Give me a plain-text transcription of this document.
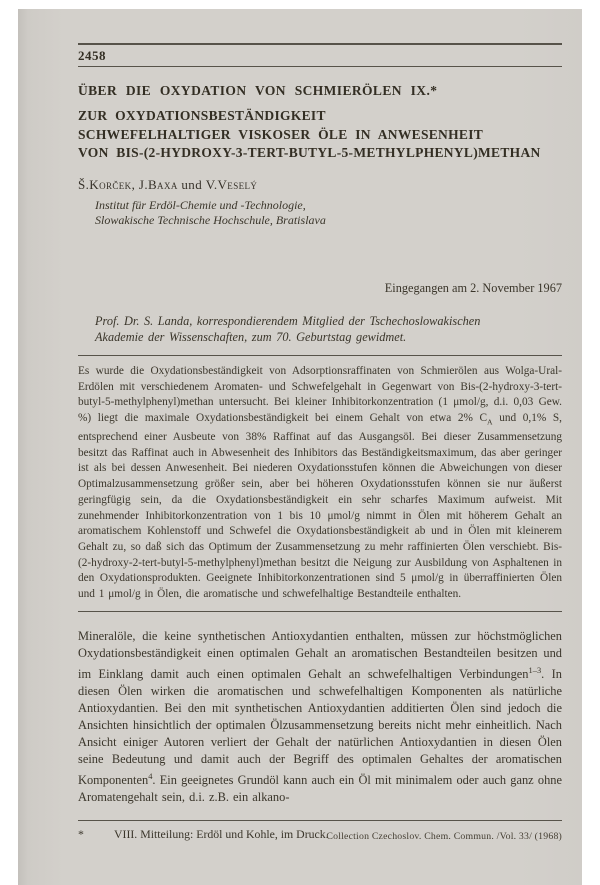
2458
ÜBER DIE OXYDATION VON SCHMIERÖLEN IX.*
ZUR OXYDATIONSBESTÄNDIGKEIT
SCHWEFELHALTIGER VISKOSER ÖLE IN ANWESENHEIT
VON BIS-(2-HYDROXY-3-TERT-BUTYL-5-METHYLPHENYL)METHAN
Š.Korček, J.Baxa und V.Veselý
Institut für Erdöl-Chemie und -Technologie,
Slowakische Technische Hochschule, Bratislava
Eingegangen am 2. November 1967
Prof. Dr. S. Landa, korrespondierendem Mitglied der Tschechoslowakischen
Akademie der Wissenschaften, zum 70. Geburtstag gewidmet.

Es wurde die Oxydationsbeständigkeit von Adsorptionsraffinaten von Schmierölen aus Wolga-Ural-Erdölen mit verschiedenem Aromaten- und Schwefelgehalt in Gegenwart von Bis-(2-hydroxy-3-tert-butyl-5-methylphenyl)methan untersucht. Bei kleiner Inhibitorkonzentration (1 μmol/g, d.i. 0,03 Gew. %) liegt die maximale Oxydationsbeständigkeit bei einem Gehalt von etwa 2% $C_A$ und 0,1% S, entsprechend einer Ausbeute von 38% Raffinat auf das Ausgangsöl. Bei dieser Zusammensetzung besitzt das Raffinat auch in Abwesenheit des Inhibitors das Beständigkeitsmaximum, das aber geringer ist als bei dessen Anwesenheit. Bei niederen Oxydationsstufen können die Abweichungen von dieser Optimalzusammensetzung größer sein, aber bei höheren Oxydationsstufen können sie nur äußerst geringfügig sein, da die Oxydationsbeständigkeit ein sehr scharfes Maximum aufweist. Mit zunehmender Inhibitorkonzentration von 1 bis 10 μmol/g nimmt in Ölen mit höherem Gehalt an aromatischem Kohlenstoff und Schwefel die Oxydationsbeständigkeit ab und in Ölen mit kleinerem Gehalt zu, so daß sich das Optimum der Zusammensetzung zu mehr raffinierten Ölen verschiebt. Bis-(2-hydroxy-2-tert-butyl-5-methylphenyl)methan besitzt die Neigung zur Ausbildung von Asphaltenen in den Oxydationsprodukten. Geeignete Inhibitorkonzentrationen sind 5 μmol/g in überraffinierten Ölen und 1 μmol/g in Ölen, die aromatische und schwefelhaltige Bestandteile enthalten.

Mineralöle, die keine synthetischen Antioxydantien enthalten, müssen zur höchstmöglichen Oxydationsbeständigkeit einen optimalen Gehalt an aromatischen Bestandteilen besitzen und im Einklang damit auch einen optimalen Gehalt an schwefelhaltigen Verbindungen$^{1-3}$. In diesen Ölen wirken die aromatischen und schwefelhaltigen Komponenten als natürliche Antioxydantien. Bei den mit synthetischen Antioxydantien additierten Ölen sind jedoch die Ansichten hinsichtlich der optimalen Ölzusammensetzung bereits nicht mehr einheitlich. Nach Ansicht einiger Autoren verliert der Gehalt der natürlichen Antioxydantien in diesen Ölen seine Bedeutung und damit auch der Begriff des optimalen Gehaltes der aromatischen Komponenten$^4$. Ein geeignetes Grundöl kann auch ein Öl mit minimalem oder auch ganz ohne Aromatengehalt sein, d.i. z.B. ein alkano-

*	VIII. Mitteilung: Erdöl und Kohle, im Druck.
Collection Czechoslov. Chem. Commun. /Vol. 33/ (1968)
